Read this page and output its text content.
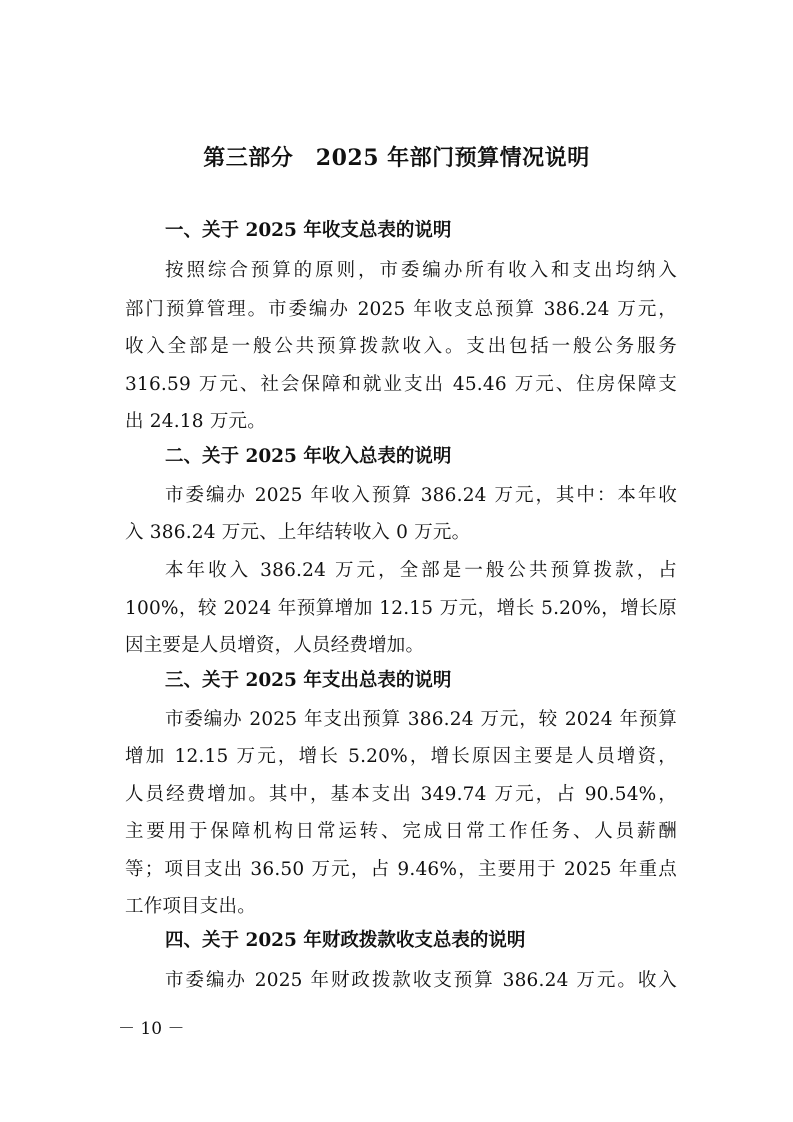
第三部分　2025 年部门预算情况说明
一、关于 2025 年收支总表的说明
按照综合预算的原则，市委编办所有收入和支出均纳入
部门预算管理。市委编办 2025 年收支总预算 386.24 万元，
收入全部是一般公共预算拨款收入。支出包括一般公务服务
316.59 万元、社会保障和就业支出 45.46 万元、住房保障支
出 24.18 万元。
二、关于 2025 年收入总表的说明
市委编办 2025 年收入预算 386.24 万元，其中：本年收
入 386.24 万元、上年结转收入 0 万元。
本年收入 386.24 万元，全部是一般公共预算拨款，占
100%，较 2024 年预算增加 12.15 万元，增长 5.20%，增长原
因主要是人员增资，人员经费增加。
三、关于 2025 年支出总表的说明
市委编办 2025 年支出预算 386.24 万元，较 2024 年预算
增加 12.15 万元，增长 5.20%，增长原因主要是人员增资，
人员经费增加。其中，基本支出 349.74 万元，占 90.54%，
主要用于保障机构日常运转、完成日常工作任务、人员薪酬
等；项目支出 36.50 万元，占 9.46%，主要用于 2025 年重点
工作项目支出。
四、关于 2025 年财政拨款收支总表的说明
市委编办 2025 年财政拨款收支预算 386.24 万元。收入
－ 10 －
